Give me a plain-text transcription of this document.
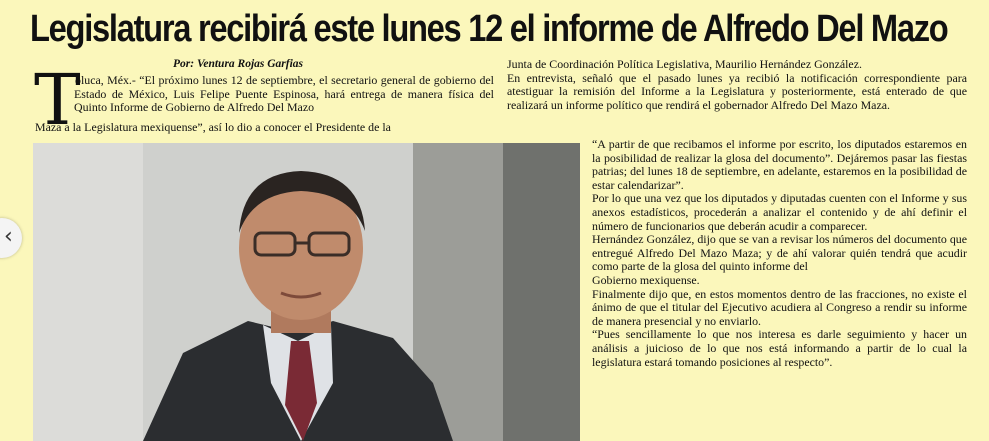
Legislatura recibirá este lunes 12 el informe de Alfredo Del Mazo
Por: Ventura Rojas Garfias
T
oluca, Méx.- “El próximo lunes 12 de septiembre, el secretario general de gobierno del Estado de México, Luis Felipe Puente Espinosa, hará entrega de manera física del Quinto Informe de Gobierno de Alfredo Del Mazo
Maza a la Legislatura mexiquense”, así lo dio a conocer el Presidente de la

Junta de Coordinación Política Legislativa, Maurilio Hernández González.

En entrevista, señaló que el pasado lunes ya recibió la notificación correspondiente para atestiguar la remisión del Informe a la Legislatura y posteriormente, está enterado de que realizará un informe político que rendirá el gobernador Alfredo Del Mazo Maza.

“A partir de que recibamos el informe por escrito, los diputados estaremos en la posibilidad de realizar la glosa del documento”. Dejáremos pasar las fiestas patrias; del lunes 18 de septiembre, en adelante, estaremos en la posibilidad de estar calendarizar”.

Por lo que una vez que los diputados y diputadas cuenten con el Informe y sus anexos estadísticos, procederán a analizar el contenido y de ahí definir el número de funcionarios que deberán acudir a comparecer.

Hernández González, dijo que se van a revisar los números del documento que entregué Alfredo Del Mazo Maza; y de ahí valorar quién tendrá que acudir como parte de la glosa del quinto informe del

Gobierno mexiquense.

Finalmente dijo que, en estos momentos dentro de las fracciones, no existe el ánimo de que el titular del Ejecutivo acudiera al Congreso a rendir su informe de manera presencial y no enviarlo.

“Pues sencillamente lo que nos interesa es darle seguimiento y hacer un análisis a juicioso de lo que nos está informando a partir de lo cual la legislatura estará tomando posiciones al respecto”.

‹
